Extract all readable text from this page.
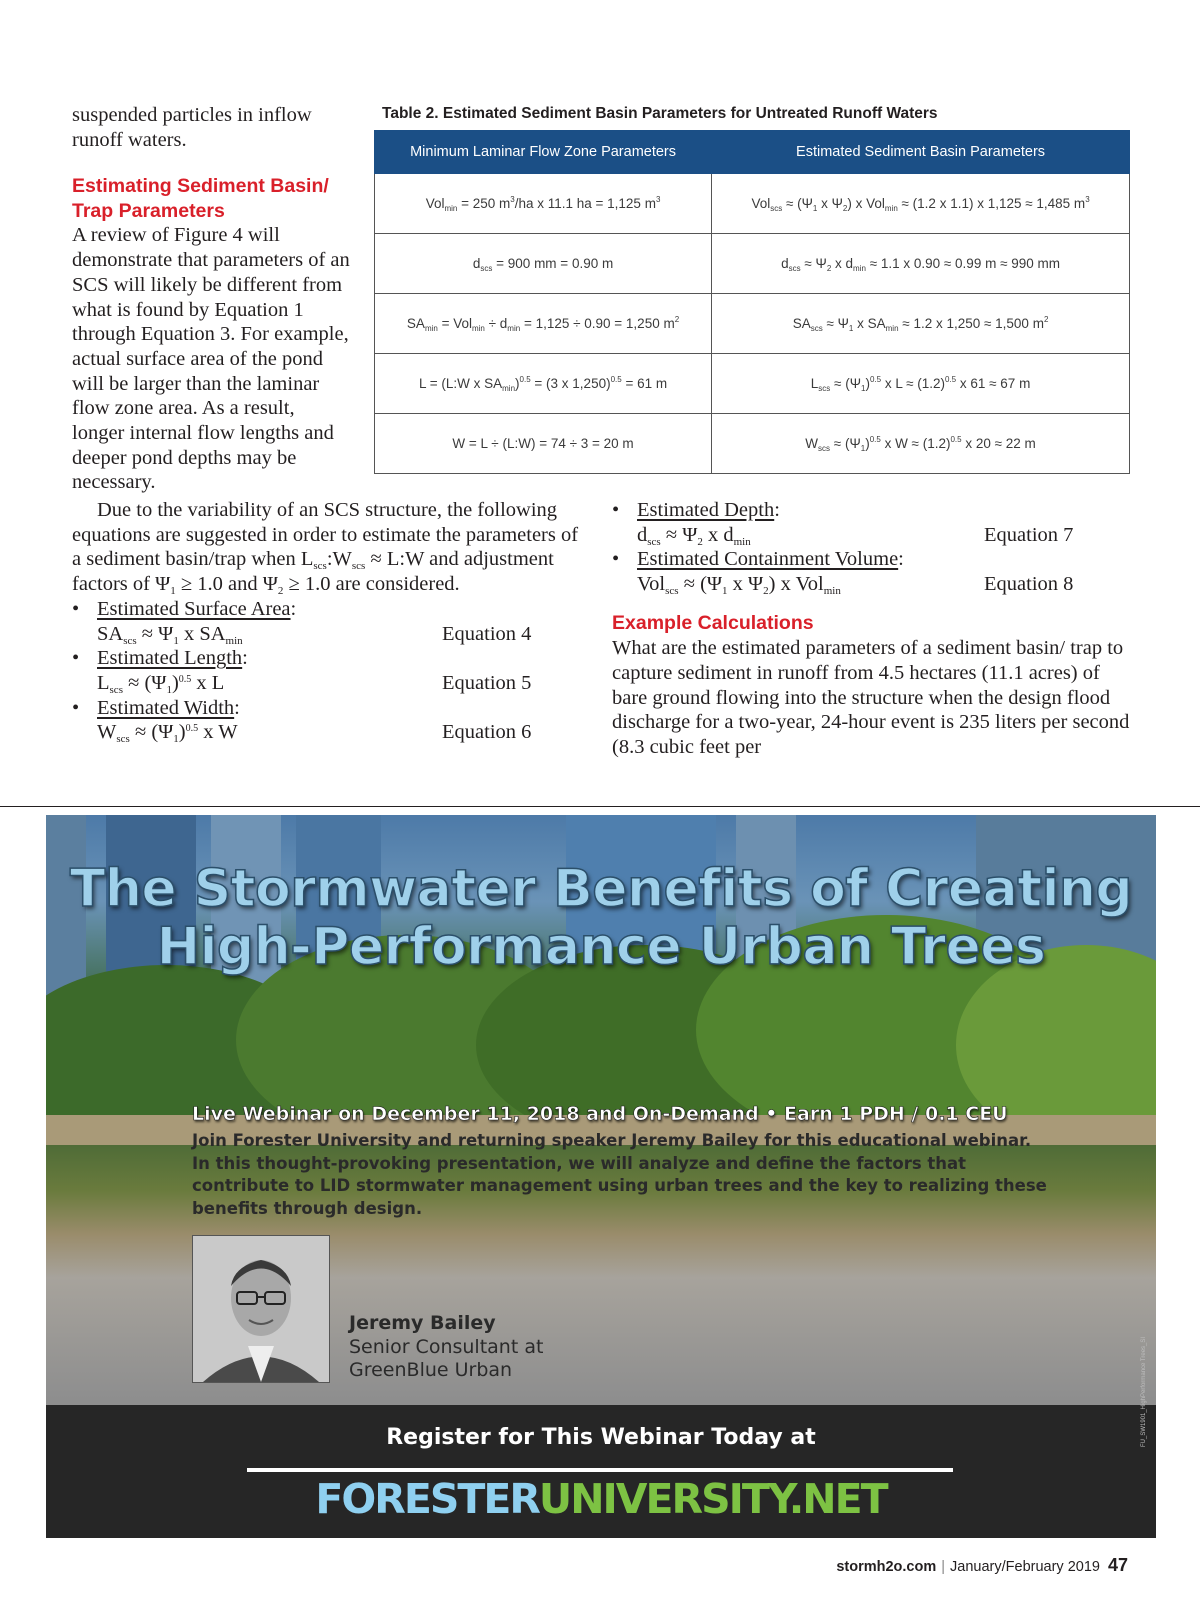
suspended particles in inflow runoff waters.

Estimating Sediment Basin/ Trap Parameters

A review of Figure 4 will demonstrate that parameters of an SCS will likely be different from what is found by Equation 1 through Equation 3. For example, actual surface area of the pond will be larger than the laminar flow zone area. As a result, longer internal flow lengths and deeper pond depths may be necessary.

Due to the variability of an SCS structure, the following equations are suggested in order to estimate the parameters of a sediment basin/trap when $L_{scs}:W_{scs}$ ≈ L:W and adjustment factors of $\Psi_1 \ge 1.0$ and $\Psi_2 \ge 1.0$ are considered.

• Estimated Surface Area:
$SA_{scs} \approx \Psi_1$ x $SA_{min}$	Equation 4
• Estimated Length:
$L_{scs} \approx (\Psi_1)^{0.5}$ x L	Equation 5
• Estimated Width:
$W_{scs} \approx (\Psi_1)^{0.5}$ x W	Equation 6
Table 2. Estimated Sediment Basin Parameters for Untreated Runoff Waters
Minimum Laminar Flow Zone Parameters	Estimated Sediment Basin Parameters
Vol$_{min}$ = 250 $m^3/ha$ x 11.1 ha = 1,125 $m^3$	$Vol_{scs} \approx (\Psi_1$ x $\Psi_2$) x Vol$_{min}$ ≈ (1.2 x 1.1) x 1,125 ≈ 1,485 $m^3$
$d_{scs} = 900$ mm = 0.90 m	$d_{scs} \approx \Psi_2$ x $d_{min} \approx 1.1$ x 0.90 ≈ 0.99 m ≈ 990 mm
$SA_{min} = Vol_{min} \div d_{min} = 1,125 \div 0.90 = 1,250$ $m^2$	$SA_{scs} \approx \Psi_1$ x $SA_{min} \approx 1.2$ x 1,250 ≈ 1,500 $m^2$
L = (L:W x $SA_{min})^{0.5} = (3$ x 1,250)$^{0.5}$ = 61 m	$L_{scs} \approx (\Psi_1)^{0.5}$ x $L \approx (1.2)^{0.5}$ x 61 ≈ 67 m
W = L ÷ (L:W) = 74 ÷ 3 = 20 m	$W_{scs} \approx (\Psi_1)^{0.5}$ x $W \approx (1.2)^{0.5}$ x 20 ≈ 22 m
• Estimated Depth:
$d_{scs} \approx \Psi_2$ x $d_{min}$	Equation 7
• Estimated Containment Volume:
$Vol_{scs} \approx (\Psi_1$ x $\Psi_2$) x Vol$_{min}$	Equation 8
Example Calculations

What are the estimated parameters of a sediment basin/ trap to capture sediment in runoff from 4.5 hectares (11.1 acres) of bare ground flowing into the structure when the design flood discharge for a two-year, 24-hour event is 235 liters per second (8.3 cubic feet per

The Stormwater Benefits of Creating
High-Performance Urban Trees
Live Webinar on December 11, 2018 and On-Demand • Earn 1 PDH / 0.1 CEU
Join Forester University and returning speaker Jeremy Bailey for this educational webinar. In this thought-provoking presentation, we will analyze and define the factors that contribute to LID stormwater management using urban trees and the key to realizing these benefits through design.
Jeremy Bailey
Senior Consultant at
GreenBlue Urban
Register for This Webinar Today at
FORESTERUNIVERSITY.NET
FU_SW1901_HighPerformance Trees_SI
stormh2o.com | January/February 2019 47
